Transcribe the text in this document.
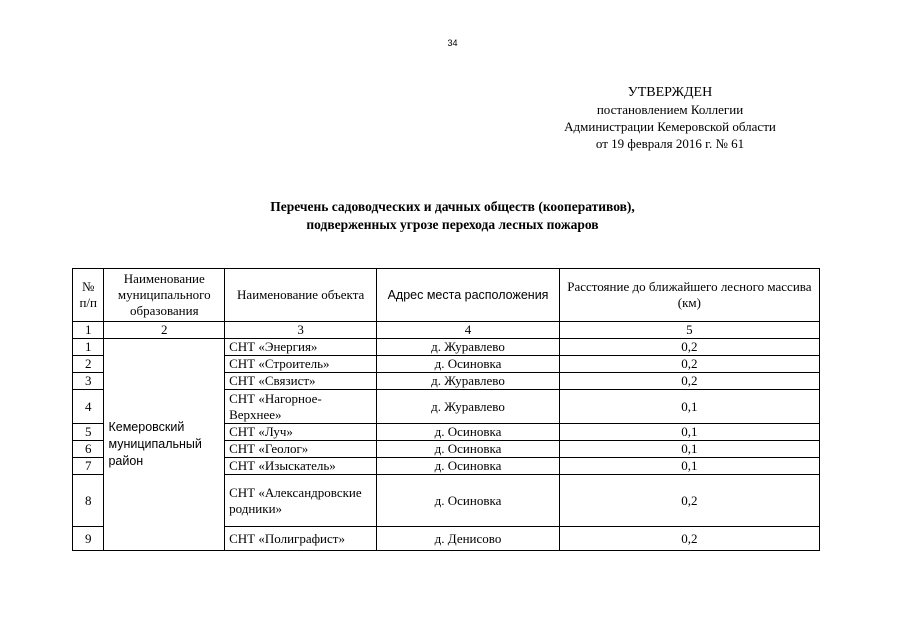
34
УТВЕРЖДЕН
постановлением Коллегии
Администрации Кемеровской области
от 19 февраля 2016 г. № 61
Перечень садоводческих и дачных обществ (кооперативов),
подверженных угрозе перехода лесных пожаров
№ п/п	Наименование муниципального образования	Наименование объекта	Адрес места расположения	Расстояние до ближайшего лесного массива (км)
1	2	3	4	5
1	Кемеровский муниципальный район	СНТ «Энергия»	д. Журавлево	0,2
2		СНТ «Строитель»	д. Осиновка	0,2
3		СНТ «Связист»	д. Журавлево	0,2
4		СНТ «Нагорное-Верхнее»	д. Журавлево	0,1
5		СНТ «Луч»	д. Осиновка	0,1
6		СНТ «Геолог»	д. Осиновка	0,1
7		СНТ «Изыскатель»	д. Осиновка	0,1
8		СНТ «Александровские родники»	д. Осиновка	0,2
9		СНТ «Полиграфист»	д. Денисово	0,2
